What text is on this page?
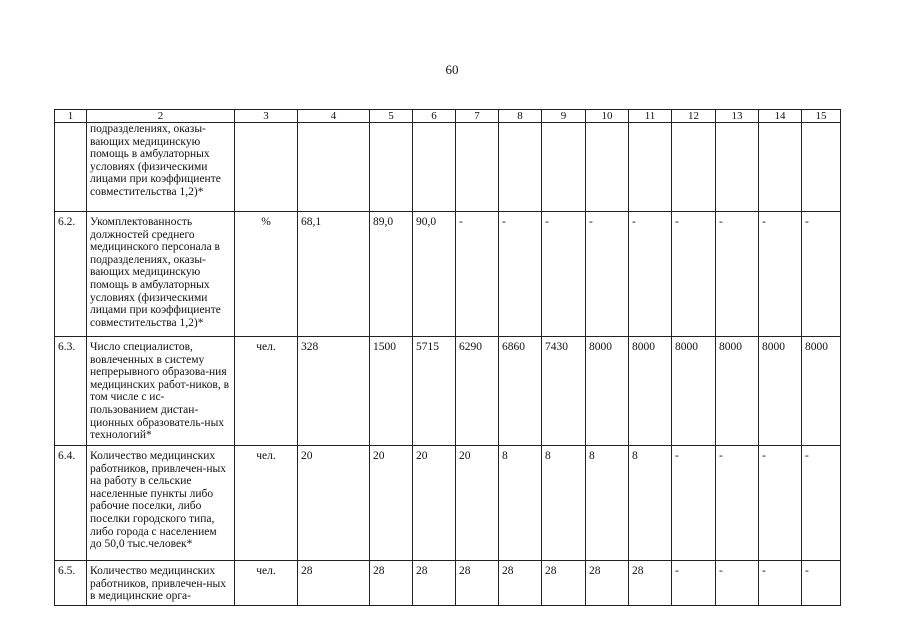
60
1	2	3	4	5	6	7	8	9	10	11	12	13	14	15
	подразделениях, оказы-вающих медицинскую помощь в амбулаторных условиях (физическими лицами при коэффициенте совместительства 1,2)*													
6.2.	Укомплектованность должностей среднего медицинского персонала в подразделениях, оказы-вающих медицинскую помощь в амбулаторных условиях (физическими лицами при коэффициенте совместительства 1,2)*	%	68,1	89,0	90,0	-	-	-	-	-	-	-	-	-
6.3.	Число специалистов, вовлеченных в систему непрерывного образова-ния медицинских работ-ников, в том числе с ис-пользованием дистан-ционных образователь-ных технологий*	чел.	328	1500	5715	6290	6860	7430	8000	8000	8000	8000	8000	8000
6.4.	Количество медицинских работников, привлечен-ных на работу в сельские населенные пункты либо рабочие поселки, либо поселки городского типа, либо города с населением до 50,0 тыс.человек*	чел.	20	20	20	20	8	8	8	8	-	-	-	-
6.5.	Количество медицинских работников, привлечен-ных в медицинские орга-	чел.	28	28	28	28	28	28	28	28	-	-	-	-
